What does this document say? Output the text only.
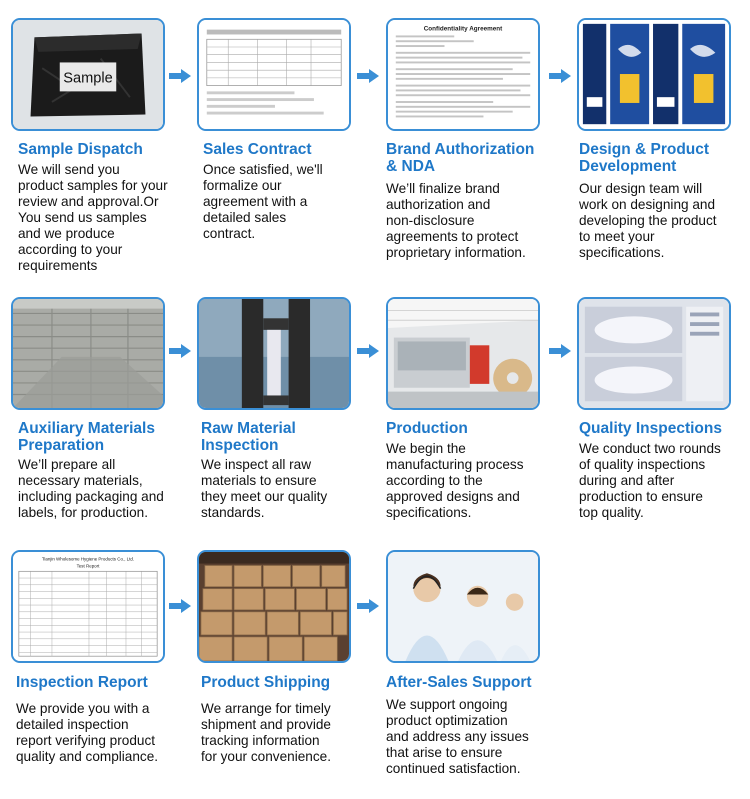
Sample
Sample Dispatch
We will send you
product samples for your
review and approval.Or
You send us samples
and we produce
according to your
requirements
Sales Contract
Once satisfied, we'll
formalize our
agreement with a
detailed sales
contract.
Confidentiality Agreement
Brand Authorization
& NDA
We’ll finalize brand
authorization and
non-disclosure
agreements to protect
proprietary information.
Design & Product
Development
Our design team will
work on designing and
developing the product
to meet your
specifications.
Auxiliary Materials
Preparation
We’ll prepare all
necessary materials,
including packaging and
labels, for production.
Raw Material
Inspection
We inspect all raw
materials to ensure
they meet our quality
standards.
Production
We begin the
manufacturing process
according to the
approved designs and
specifications.
Quality Inspections
We conduct two rounds
of quality inspections
during and after
production to ensure
top quality.
Tianjin Wholesome Hygiene Products Co., Ltd.
Test Report
Inspection Report
We provide you with a
detailed inspection
report verifying product
quality and compliance.
Product Shipping
We arrange for timely
shipment and provide
tracking information
for your convenience.
After-Sales Support
We support ongoing
product optimization
and address any issues
that arise to ensure
continued satisfaction.
